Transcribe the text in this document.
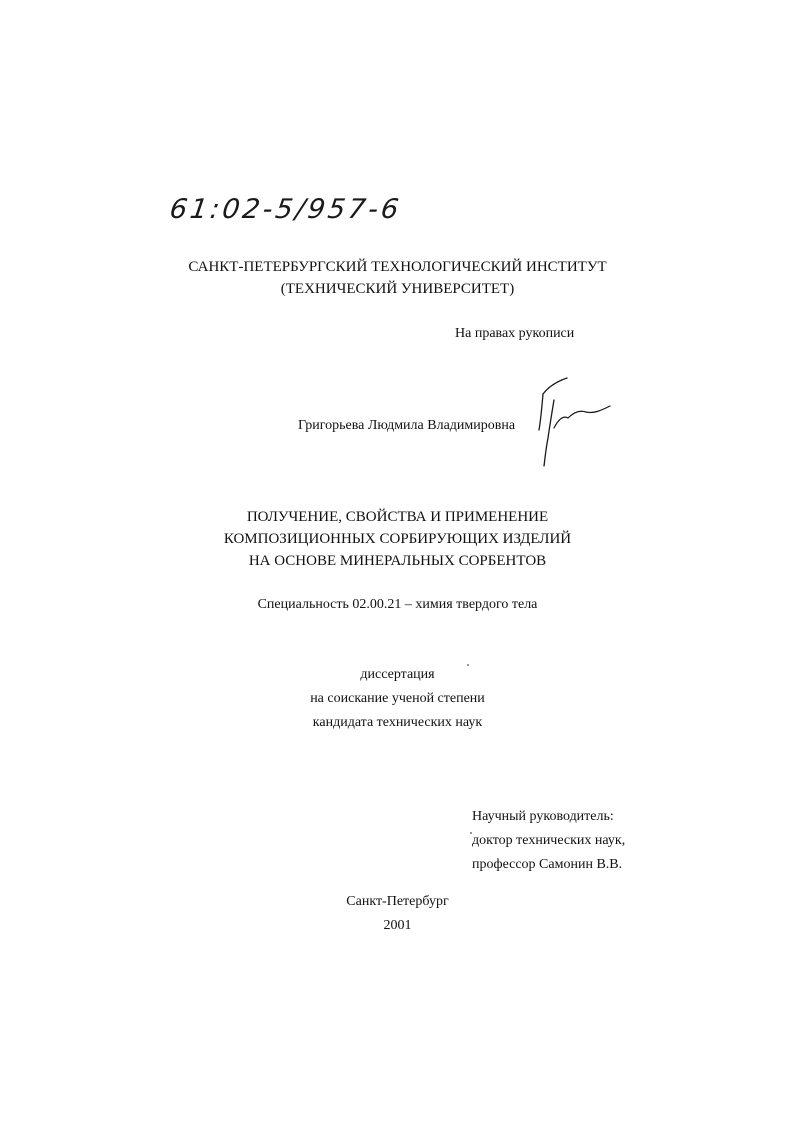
61:02-5/957-6
САНКТ-ПЕТЕРБУРГСКИЙ ТЕХНОЛОГИЧЕСКИЙ ИНСТИТУТ
(ТЕХНИЧЕСКИЙ УНИВЕРСИТЕТ)
На правах рукописи
Григорьева Людмила Владимировна
ПОЛУЧЕНИЕ, СВОЙСТВА И ПРИМЕНЕНИЕ
КОМПОЗИЦИОННЫХ СОРБИРУЮЩИХ ИЗДЕЛИЙ
НА ОСНОВЕ МИНЕРАЛЬНЫХ СОРБЕНТОВ
Специальность 02.00.21 – химия твердого тела
диссертация
на соискание ученой степени
кандидата технических наук
Научный руководитель:
доктор технических наук,
профессор Самонин В.В.
Санкт-Петербург
2001
